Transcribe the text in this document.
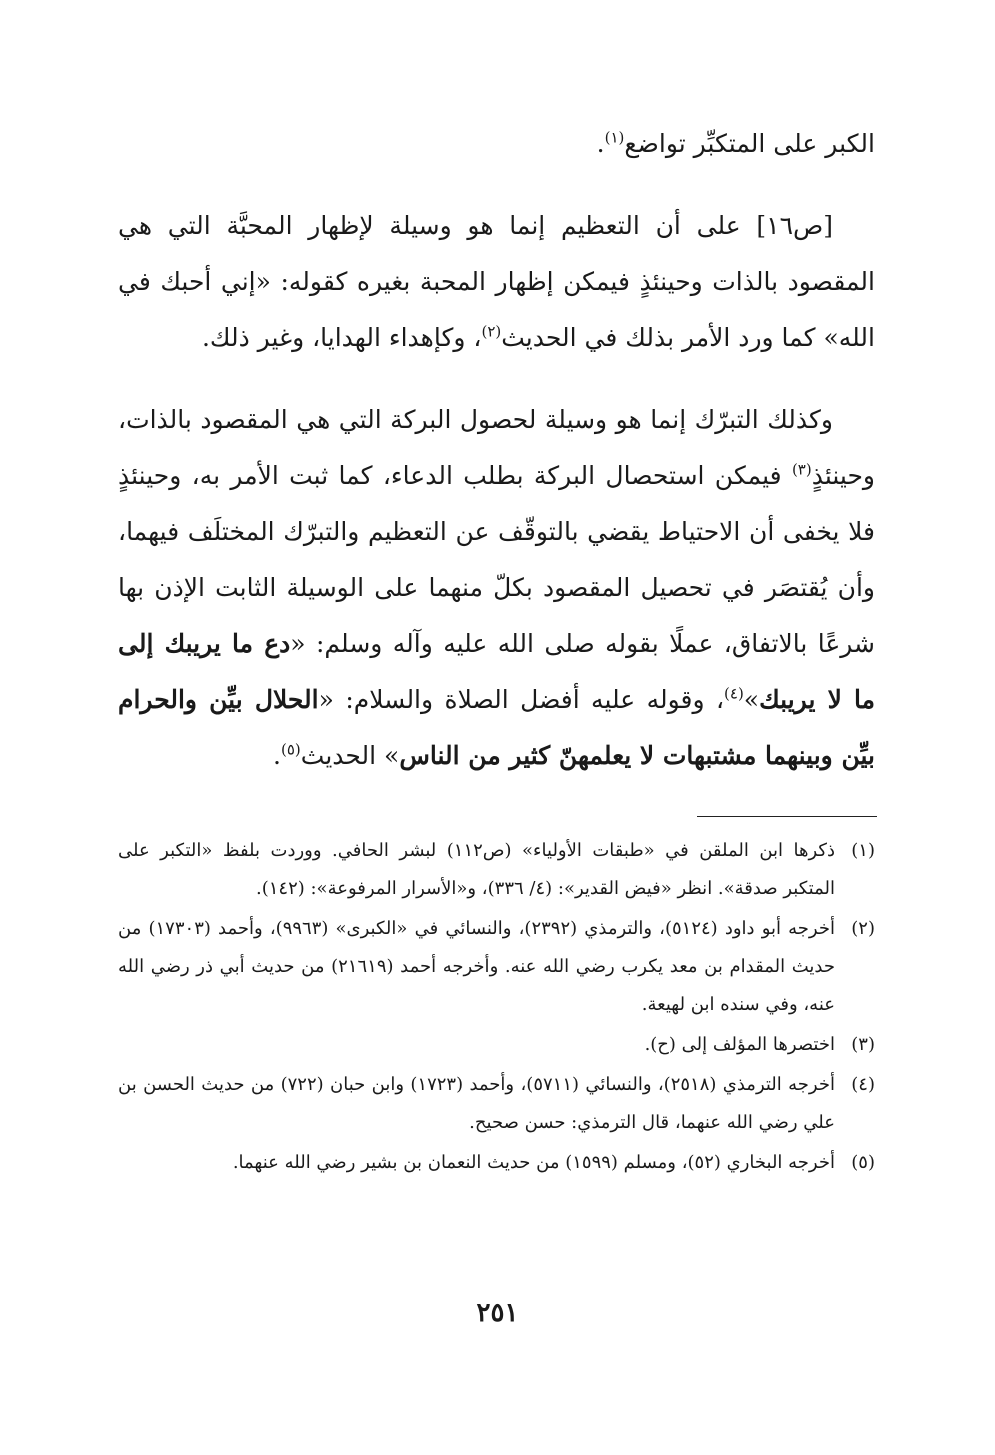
الكبر على المتكبِّر تواضع$^{(١)}$.

[ص١٦] على أن التعظيم إنما هو وسيلة لإظهار المحبَّة التي هي المقصود بالذات وحينئذٍ فيمكن إظهار المحبة بغيره كقوله: «إني أحبك في الله» كما ورد الأمر بذلك في الحديث$^{(٢)}$، وكإهداء الهدايا، وغير ذلك.

وكذلك التبرّك إنما هو وسيلة لحصول البركة التي هي المقصود بالذات، وحينئذٍ$^{(٣)}$ فيمكن استحصال البركة بطلب الدعاء، كما ثبت الأمر به، وحينئذٍ فلا يخفى أن الاحتياط يقضي بالتوقّف عن التعظيم والتبرّك المختلَف فيهما، وأن يُقتصَر في تحصيل المقصود بكلّ منهما على الوسيلة الثابت الإذن بها شرعًا بالاتفاق، عملًا بقوله صلى الله عليه وآله وسلم: «دع ما يريبك إلى ما لا يريبك»$^{(٤)}$، وقوله عليه أفضل الصلاة والسلام: «الحلال بيِّن والحرام بيِّن وبينهما مشتبهات لا يعلمهنّ كثير من الناس» الحديث$^{(٥)}$.

(١)
ذكرها ابن الملقن في «طبقات الأولياء» (ص١١٢) لبشر الحافي. ووردت بلفظ «التكبر على المتكبر صدقة». انظر «فيض القدير»: (٤/ ٣٣٦)، و«الأسرار المرفوعة»: (١٤٢).
(٢)
أخرجه أبو داود (٥١٢٤)، والترمذي (٢٣٩٢)، والنسائي في «الكبرى» (٩٩٦٣)، وأحمد (١٧٣٠٣) من حديث المقدام بن معد يكرب رضي الله عنه. وأخرجه أحمد (٢١٦١٩) من حديث أبي ذر رضي الله عنه، وفي سنده ابن لهيعة.
(٣)
اختصرها المؤلف إلى (ح).
(٤)
أخرجه الترمذي (٢٥١٨)، والنسائي (٥٧١١)، وأحمد (١٧٢٣) وابن حبان (٧٢٢) من حديث الحسن بن علي رضي الله عنهما، قال الترمذي: حسن صحيح.
(٥)
أخرجه البخاري (٥٢)، ومسلم (١٥٩٩) من حديث النعمان بن بشير رضي الله عنهما.
٢٥١
